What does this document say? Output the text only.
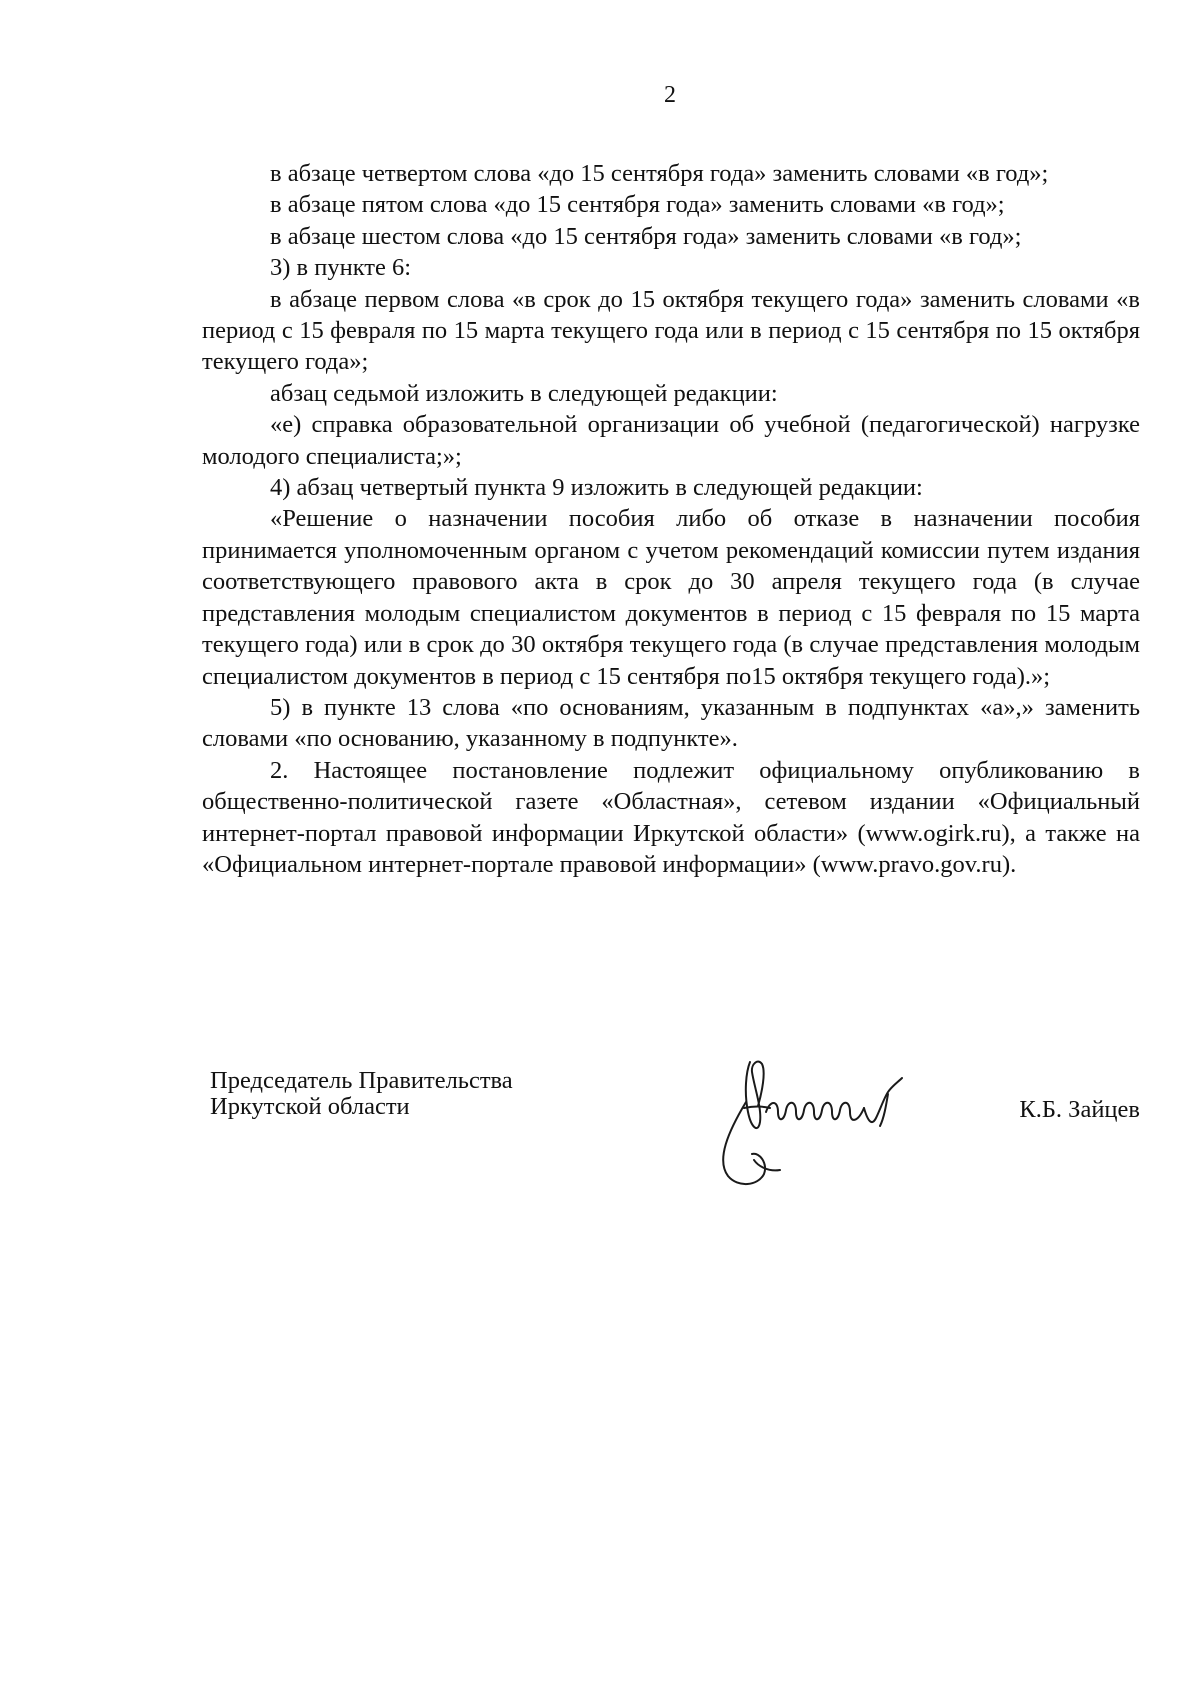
2

в абзаце четвертом слова «до 15 сентября года» заменить словами «в год»;

в абзаце пятом слова «до 15 сентября года» заменить словами «в год»;

в абзаце шестом слова «до 15 сентября года» заменить словами «в год»;

3) в пункте 6:

в абзаце первом слова «в срок до 15 октября текущего года» заменить словами «в период с 15 февраля по 15 марта текущего года или в период с 15 сентября по 15 октября текущего года»;

абзац седьмой изложить в следующей редакции:

«е) справка образовательной организации об учебной (педагогической) нагрузке молодого специалиста;»;

4) абзац четвертый пункта 9 изложить в следующей редакции:

«Решение о назначении пособия либо об отказе в назначении пособия принимается уполномоченным органом с учетом рекомендаций комиссии путем издания соответствующего правового акта в срок до 30 апреля текущего года (в случае представления молодым специалистом документов в период с 15 февраля по 15 марта текущего года) или в срок до 30 октября текущего года (в случае представления молодым специалистом документов в период с 15 сентября по15 октября текущего года).»;

5) в пункте 13 слова «по основаниям, указанным в подпунктах «а»,» заменить словами «по основанию, указанному в подпункте».

2. Настоящее постановление подлежит официальному опубликованию в общественно-политической газете «Областная», сетевом издании «Официальный интернет-портал правовой информации Иркутской области» (www.ogirk.ru), а также на «Официальном интернет-портале правовой информации» (www.pravo.gov.ru).

Председатель Правительства
Иркутской области	К.Б. Зайцев
